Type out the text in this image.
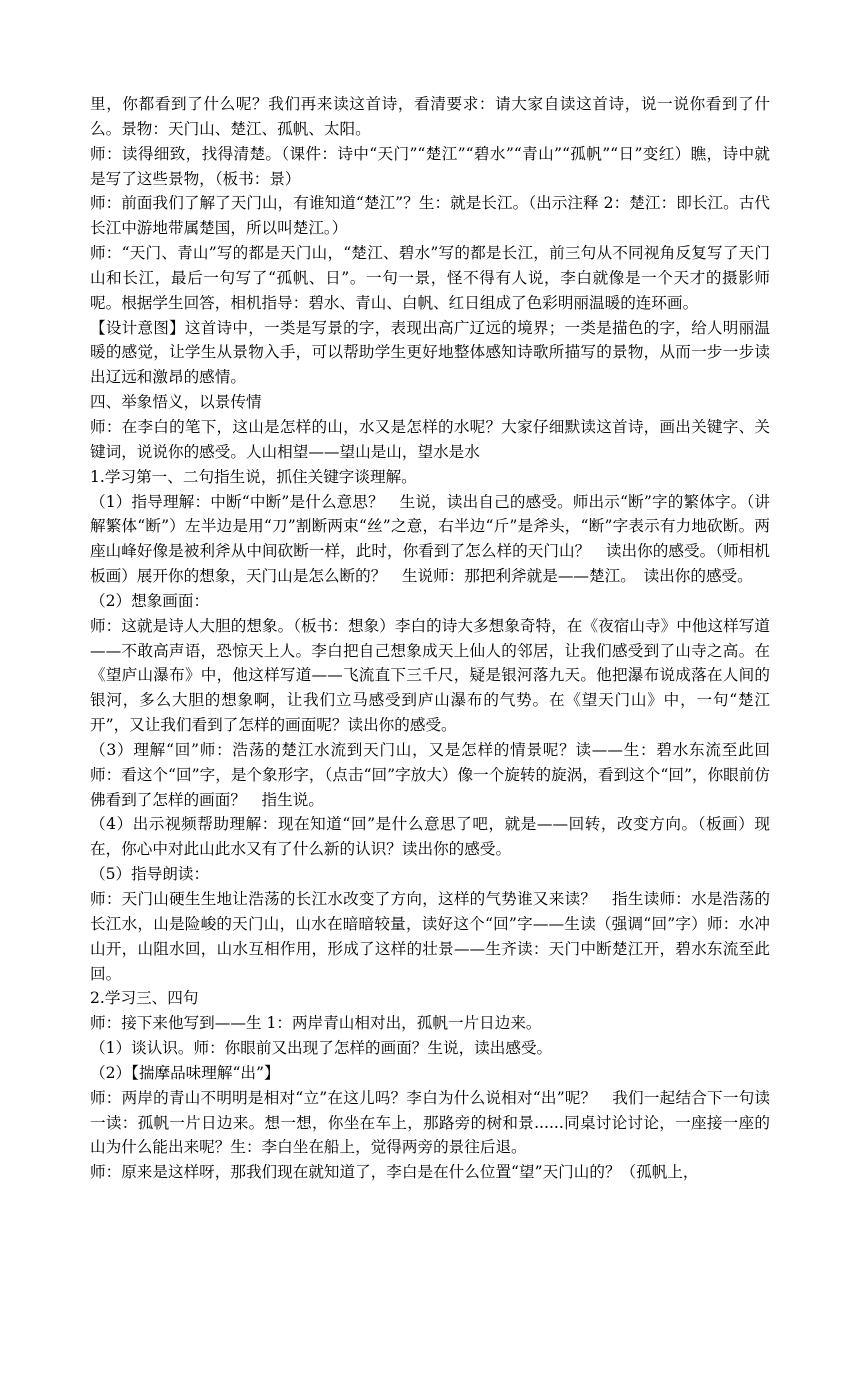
里，你都看到了什么呢？我们再来读这首诗，看清要求：请大家自读这首诗，说一说你看到了什么。景物：天门山、楚江、孤帆、太阳。

师：读得细致，找得清楚。（课件：诗中“天门”“楚江”“碧水”“青山”“孤帆”“日”变红）瞧，诗中就是写了这些景物，（板书：景）

师：前面我们了解了天门山，有谁知道“楚江”？生：就是长江。（出示注释 2：楚江：即长江。古代长江中游地带属楚国，所以叫楚江。）

师：“天门、青山”写的都是天门山，“楚江、碧水”写的都是长江，前三句从不同视角反复写了天门山和长江，最后一句写了“孤帆、日”。一句一景，怪不得有人说，李白就像是一个天才的摄影师呢。根据学生回答，相机指导：碧水、青山、白帆、红日组成了色彩明丽温暖的连环画。

【设计意图】这首诗中，一类是写景的字，表现出高广辽远的境界；一类是描色的字，给人明丽温暖的感觉，让学生从景物入手，可以帮助学生更好地整体感知诗歌所描写的景物，从而一步一步读出辽远和激昂的感情。

四、举象悟义，以景传情

师：在李白的笔下，这山是怎样的山，水又是怎样的水呢？大家仔细默读这首诗，画出关键字、关键词，说说你的感受。人山相望——望山是山，望水是水

1.学习第一、二句指生说，抓住关键字谈理解。

（1）指导理解：中断“中断”是什么意思？　生说，读出自己的感受。师出示“断”字的繁体字。（讲解繁体“断”）左半边是用“刀”割断两束“丝”之意，右半边“斤”是斧头，“断”字表示有力地砍断。两座山峰好像是被利斧从中间砍断一样，此时，你看到了怎么样的天门山？　读出你的感受。（师相机板画）展开你的想象，天门山是怎么断的？　生说师：那把利斧就是——楚江。　读出你的感受。

（2）想象画面：

师：这就是诗人大胆的想象。（板书：想象）李白的诗大多想象奇特，在《夜宿山寺》中他这样写道——不敢高声语，恐惊天上人。李白把自己想象成天上仙人的邻居，让我们感受到了山寺之高。在《望庐山瀑布》中，他这样写道——飞流直下三千尺，疑是银河落九天。他把瀑布说成落在人间的银河，多么大胆的想象啊，让我们立马感受到庐山瀑布的气势。在《望天门山》中，一句“楚江开”，又让我们看到了怎样的画面呢？读出你的感受。

（3）理解“回”师：浩荡的楚江水流到天门山，又是怎样的情景呢？读——生：碧水东流至此回师：看这个“回”字，是个象形字，（点击“回”字放大）像一个旋转的旋涡，看到这个“回”，你眼前仿佛看到了怎样的画面？　指生说。

（4）出示视频帮助理解：现在知道“回”是什么意思了吧，就是——回转，改变方向。（板画）现在，你心中对此山此水又有了什么新的认识？读出你的感受。

（5）指导朗读：

师：天门山硬生生地让浩荡的长江水改变了方向，这样的气势谁又来读？　指生读师：水是浩荡的长江水，山是险峻的天门山，山水在暗暗较量，读好这个“回”字——生读（强调“回”字）师：水冲山开，山阻水回，山水互相作用，形成了这样的壮景——生齐读：天门中断楚江开，碧水东流至此回。

2.学习三、四句

师：接下来他写到——生 1：两岸青山相对出，孤帆一片日边来。

（1）谈认识。师：你眼前又出现了怎样的画面？生说，读出感受。

（2）【揣摩品味理解“出”】

师：两岸的青山不明明是相对“立”在这儿吗？李白为什么说相对“出”呢？　我们一起结合下一句读一读：孤帆一片日边来。想一想，你坐在车上，那路旁的树和景......同桌讨论讨论，一座接一座的山为什么能出来呢？生：李白坐在船上，觉得两旁的景往后退。

师：原来是这样呀，那我们现在就知道了，李白是在什么位置“望”天门山的？（孤帆上，
